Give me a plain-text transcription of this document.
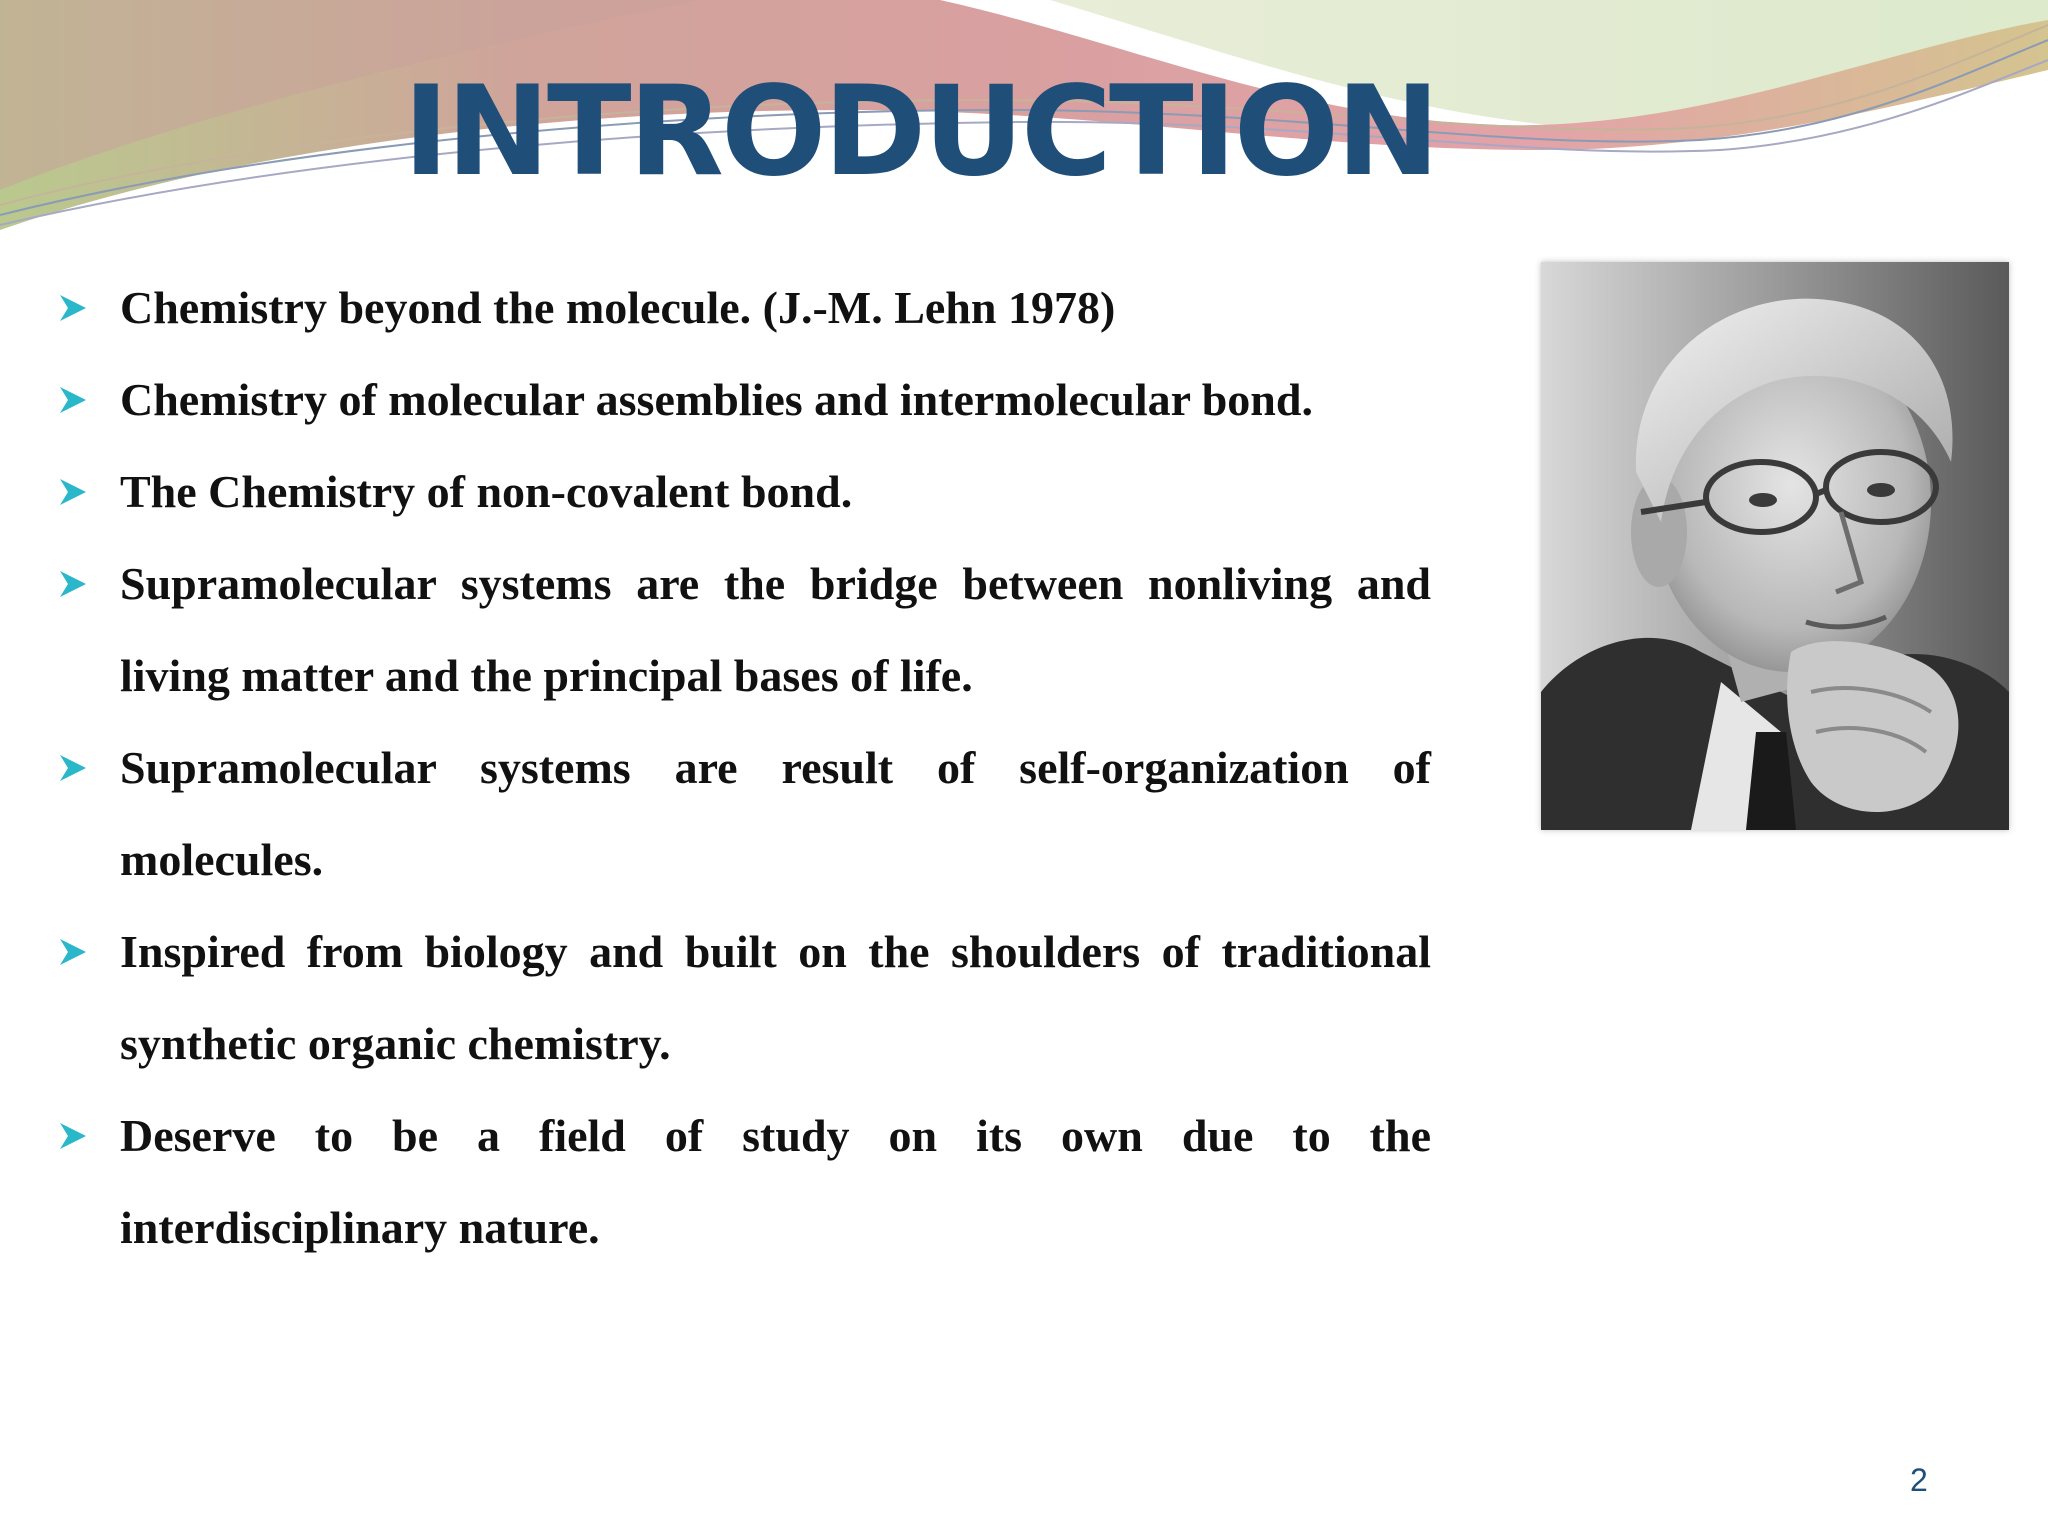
INTRODUCTION
Chemistry beyond the molecule. (J.-M. Lehn 1978)
Chemistry of molecular assemblies and intermolecular bond.
The Chemistry of non-covalent bond.
Supramolecular systems are the bridge between nonliving and living matter and the principal bases of life.
Supramolecular systems are result of self-organization of molecules.
Inspired from biology and built on the shoulders of traditional synthetic organic chemistry.
Deserve to be a field of study on its own due to the interdisciplinary nature.
2
